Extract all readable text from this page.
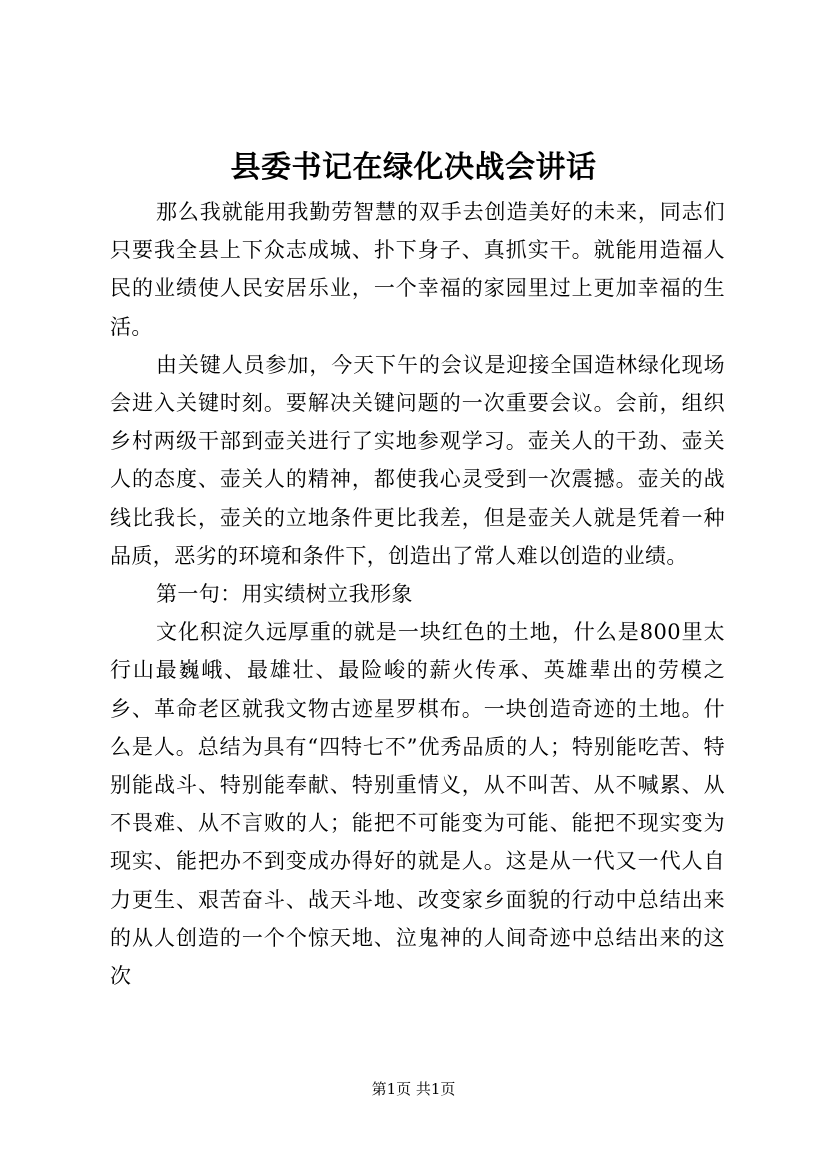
县委书记在绿化决战会讲话

那么我就能用我勤劳智慧的双手去创造美好的未来，同志们只要我全县上下众志成城、扑下身子、真抓实干。就能用造福人民的业绩使人民安居乐业，一个幸福的家园里过上更加幸福的生活。

由关键人员参加，今天下午的会议是迎接全国造林绿化现场会进入关键时刻。要解决关键问题的一次重要会议。会前，组织乡村两级干部到壶关进行了实地参观学习。壶关人的干劲、壶关人的态度、壶关人的精神，都使我心灵受到一次震撼。壶关的战线比我长，壶关的立地条件更比我差，但是壶关人就是凭着一种品质，恶劣的环境和条件下，创造出了常人难以创造的业绩。

第一句：用实绩树立我形象

文化积淀久远厚重的就是一块红色的土地，什么是800里太行山最巍峨、最雄壮、最险峻的薪火传承、英雄辈出的劳模之乡、革命老区就我文物古迹星罗棋布。一块创造奇迹的土地。什么是人。总结为具有“四特七不”优秀品质的人；特别能吃苦、特别能战斗、特别能奉献、特别重情义，从不叫苦、从不喊累、从不畏难、从不言败的人；能把不可能变为可能、能把不现实变为现实、能把办不到变成办得好的就是人。这是从一代又一代人自力更生、艰苦奋斗、战天斗地、改变家乡面貌的行动中总结出来的从人创造的一个个惊天地、泣鬼神的人间奇迹中总结出来的这次

第1页 共1页
